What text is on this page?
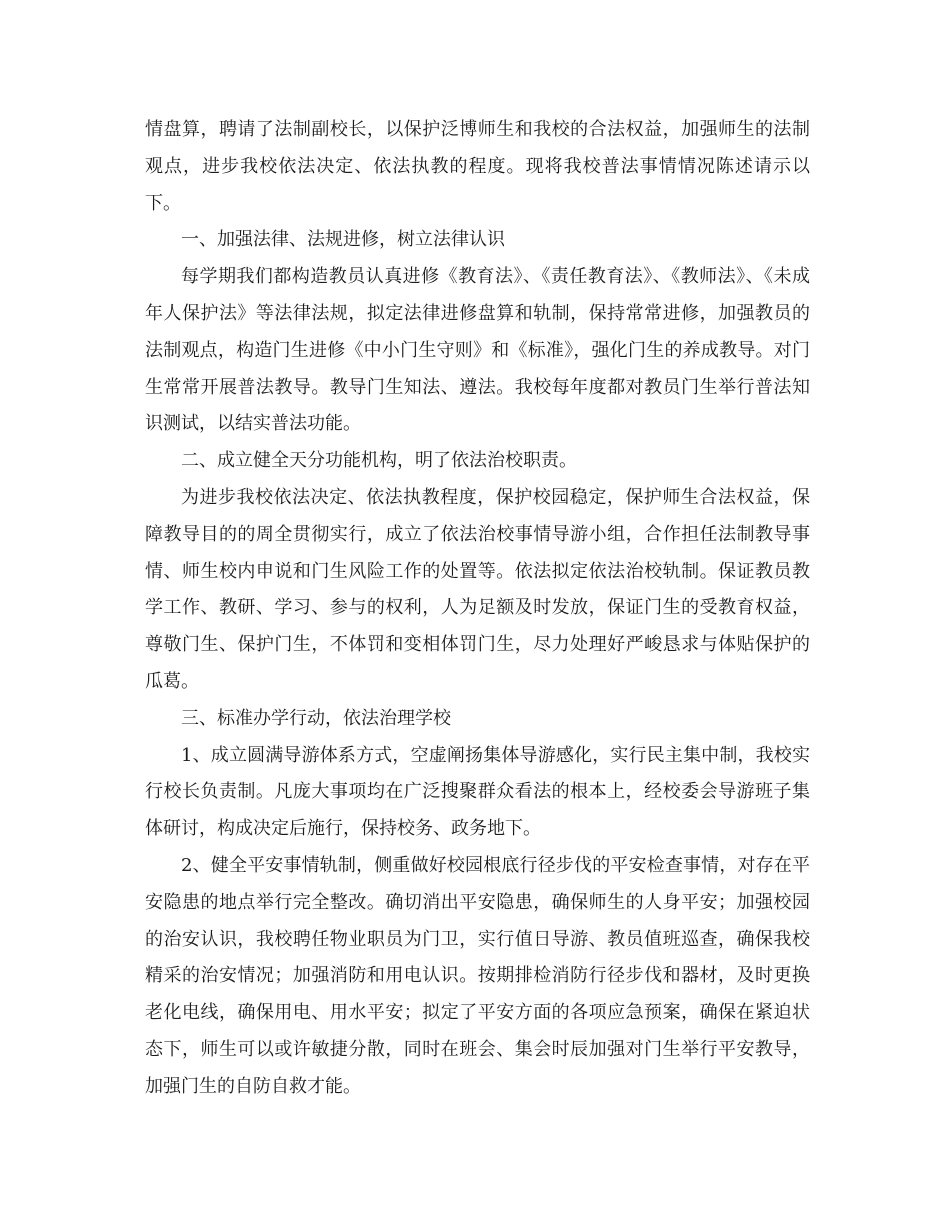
情盘算，聘请了法制副校长，以保护泛博师生和我校的合法权益，加强师生的法制观点，进步我校依法决定、依法执教的程度。现将我校普法事情情况陈述请示以下。

一、加强法律、法规进修，树立法律认识

每学期我们都构造教员认真进修《教育法》、《责任教育法》、《教师法》、《未成年人保护法》等法律法规，拟定法律进修盘算和轨制，保持常常进修，加强教员的法制观点，构造门生进修《中小门生守则》和《标准》，强化门生的养成教导。对门生常常开展普法教导。教导门生知法、遵法。我校每年度都对教员门生举行普法知识测试，以结实普法功能。

二、成立健全天分功能机构，明了依法治校职责。

为进步我校依法决定、依法执教程度，保护校园稳定，保护师生合法权益，保障教导目的的周全贯彻实行，成立了依法治校事情导游小组，合作担任法制教导事情、师生校内申说和门生风险工作的处置等。依法拟定依法治校轨制。保证教员教学工作、教研、学习、参与的权利，人为足额及时发放，保证门生的受教育权益，尊敬门生、保护门生，不体罚和变相体罚门生，尽力处理好严峻恳求与体贴保护的瓜葛。

三、标准办学行动，依法治理学校

1、成立圆满导游体系方式，空虚阐扬集体导游感化，实行民主集中制，我校实行校长负责制。凡庞大事项均在广泛搜聚群众看法的根本上，经校委会导游班子集体研讨，构成决定后施行，保持校务、政务地下。

2、健全平安事情轨制，侧重做好校园根底行径步伐的平安检查事情，对存在平安隐患的地点举行完全整改。确切消出平安隐患，确保师生的人身平安；加强校园的治安认识，我校聘任物业职员为门卫，实行值日导游、教员值班巡查，确保我校精采的治安情况；加强消防和用电认识。按期排检消防行径步伐和器材，及时更换老化电线，确保用电、用水平安；拟定了平安方面的各项应急预案，确保在紧迫状态下，师生可以或许敏捷分散，同时在班会、集会时辰加强对门生举行平安教导，加强门生的自防自救才能。
